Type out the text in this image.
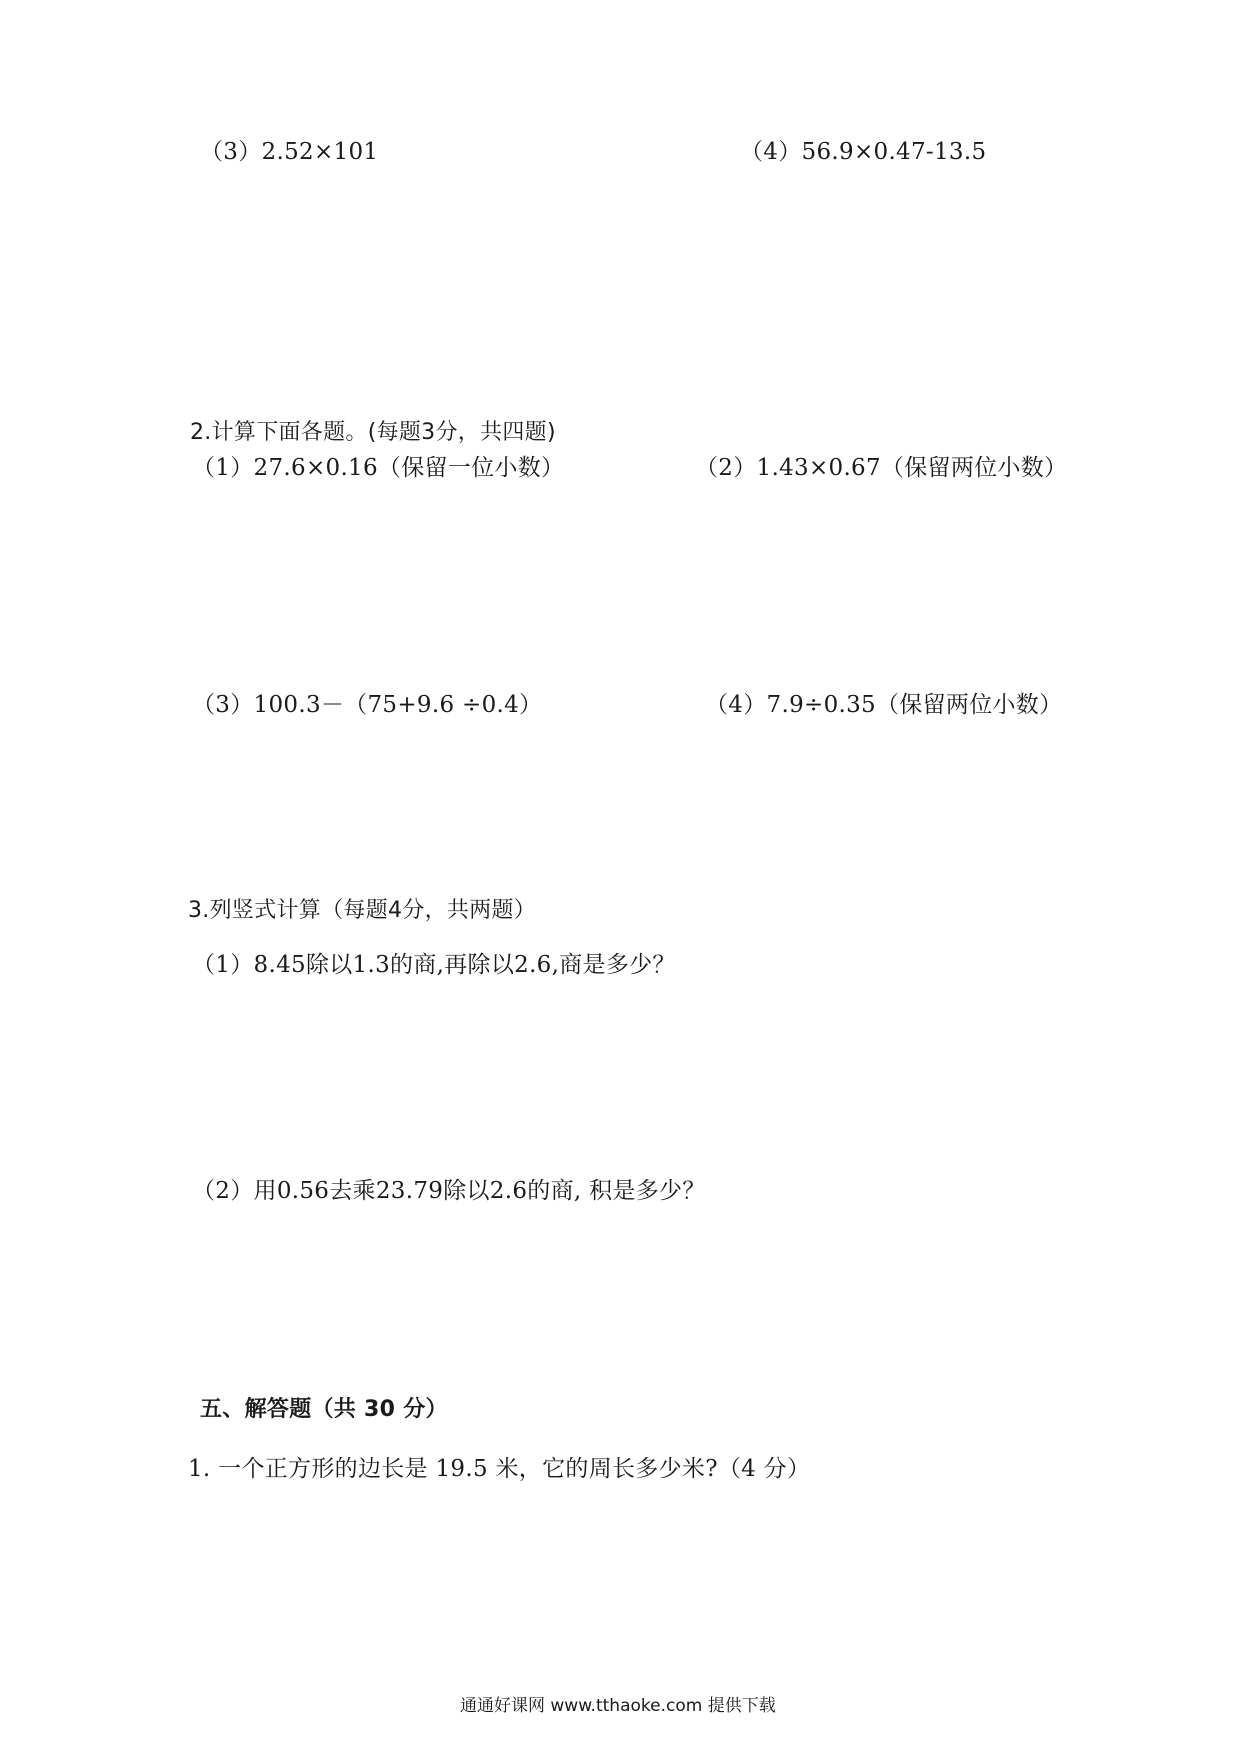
（3）2.52×101	（4）56.9×0.47-13.5
2.计算下面各题。(每题3分，共四题)
（1）27.6×0.16（保留一位小数）	（2）1.43×0.67（保留两位小数）
（3）100.3－（75+9.6 ÷0.4）	（4）7.9÷0.35（保留两位小数）
3.列竖式计算（每题4分，共两题）
（1）8.45除以1.3的商,再除以2.6,商是多少？
（2）用0.56去乘23.79除以2.6的商, 积是多少？
五、解答题（共 30 分）
1. 一个正方形的边长是 19.5 米，它的周长多少米?（4 分）
通通好课网 www.tthaoke.com 提供下载
